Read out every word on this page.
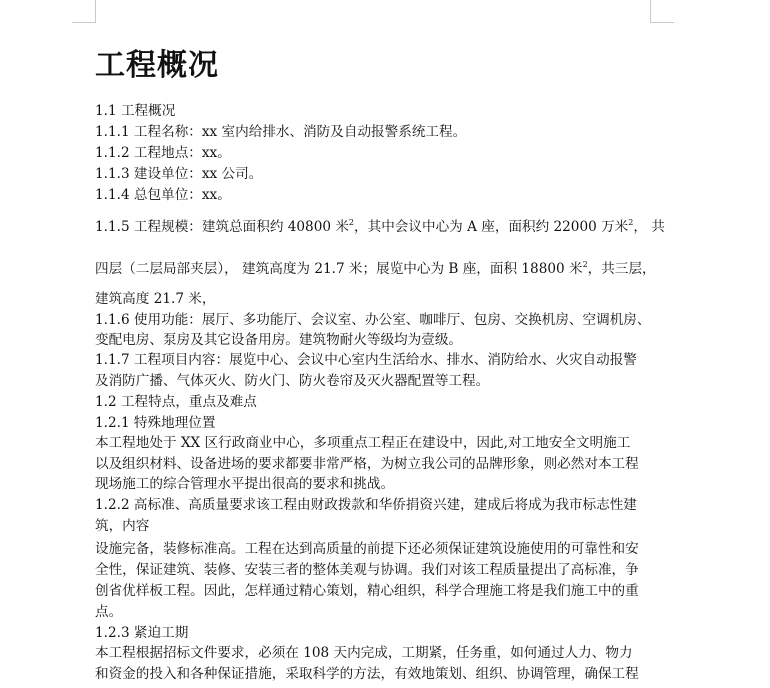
工程概况
1.1 工程概况
1.1.1 工程名称：xx 室内给排水、消防及自动报警系统工程。
1.1.2 工程地点：xx。
1.1.3 建设单位：xx 公司。
1.1.4 总包单位：xx。
1.1.5 工程规模：建筑总面积约 40800 米$^2$，其中会议中心为 A 座，面积约 22000 万米$^2$， 共
四层（二层局部夹层）， 建筑高度为 21.7 米；展览中心为 B 座，面积 18800 米$^2$，共三层，
建筑高度 21.7 米，
1.1.6 使用功能：展厅、多功能厅、会议室、办公室、咖啡厅、包房、交换机房、空调机房、
变配电房、泵房及其它设备用房。建筑物耐火等级均为壹级。
1.1.7 工程项目内容：展览中心、会议中心室内生活给水、排水、消防给水、火灾自动报警
及消防广播、气体灭火、防火门、防火卷帘及灭火器配置等工程。
1.2 工程特点，重点及难点
1.2.1 特殊地理位置
本工程地处于 XX 区行政商业中心，多项重点工程正在建设中，因此,对工地安全文明施工
以及组织材料、设备进场的要求都要非常严格，为树立我公司的品牌形象，则必然对本工程
现场施工的综合管理水平提出很高的要求和挑战。
1.2.2 高标准、高质量要求该工程由财政拨款和华侨捐资兴建，建成后将成为我市标志性建
筑，内容
设施完备，装修标准高。工程在达到高质量的前提下还必须保证建筑设施使用的可靠性和安
全性，保证建筑、装修、安装三者的整体美观与协调。我们对该工程质量提出了高标准，争
创省优样板工程。因此，怎样通过精心策划，精心组织，科学合理施工将是我们施工中的重
点。
1.2.3 紧迫工期
本工程根据招标文件要求，必须在 108 天内完成，工期紧，任务重，如何通过人力、物力
和资金的投入和各种保证措施，采取科学的方法，有效地策划、组织、协调管理，确保工程
